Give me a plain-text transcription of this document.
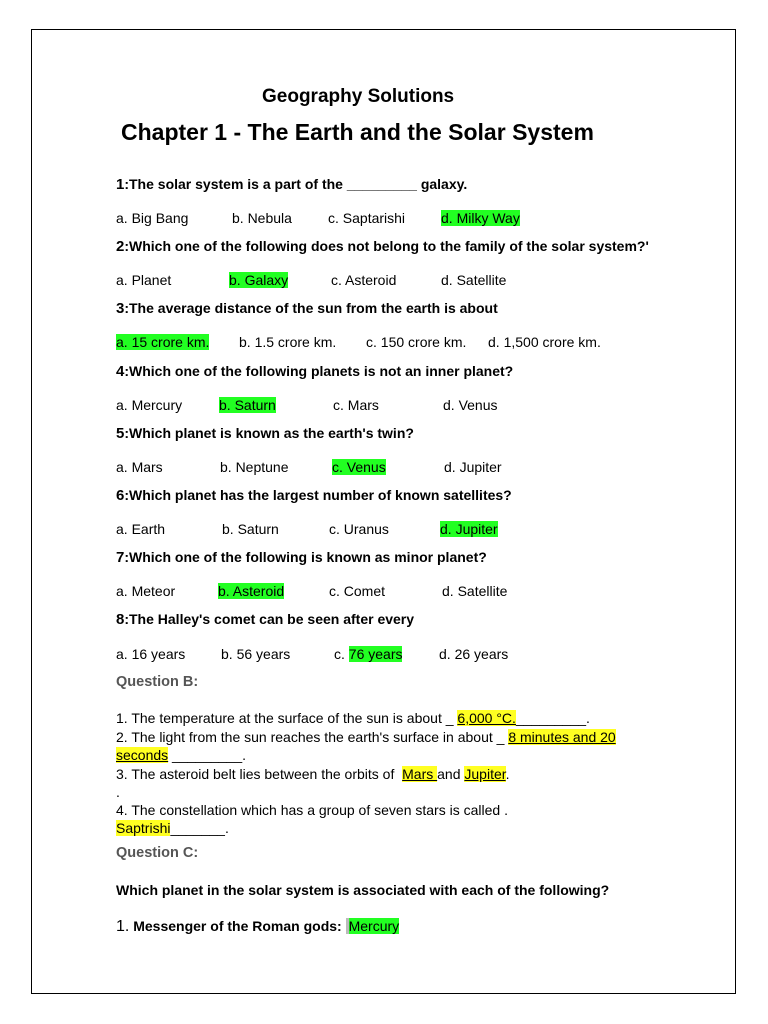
Geography Solutions
Chapter 1 - The Earth and the Solar System
1:The solar system is a part of the _________ galaxy.
a. Big Bang	b. Nebula	c. Saptarishi	d. Milky Way
2:Which one of the following does not belong to the family of the solar system?'
a. Planet	b. Galaxy	c. Asteroid	d. Satellite
3:The average distance of the sun from the earth is about
a. 15 crore km. b. 1.5 crore km. c. 150 crore km. d. 1,500 crore km.
4:Which one of the following planets is not an inner planet?
a. Mercury	b. Saturn	c. Mars	d. Venus
5:Which planet is known as the earth's twin?
a. Mars	b. Neptune	c. Venus	d. Jupiter
6:Which planet has the largest number of known satellites?
a. Earth	b. Saturn	c. Uranus	d. Jupiter
7:Which one of the following is known as minor planet?
a. Meteor	b. Asteroid	c. Comet	d. Satellite
8:The Halley's comet can be seen after every
a. 16 years	b. 56 years	c. 76 years	d. 26 years
Question B:
1. The temperature at the surface of the sun is about _ 6,000 °C._________.
2. The light from the sun reaches the earth's surface in about _ 8 minutes and 20
seconds _________.
3. The asteroid belt lies between the orbits of  Mars and Jupiter.
.
4. The constellation which has a group of seven stars is called .
Saptrishi_______.
Question C:
Which planet in the solar system is associated with each of the following?
1. Messenger of the Roman gods: Mercury
